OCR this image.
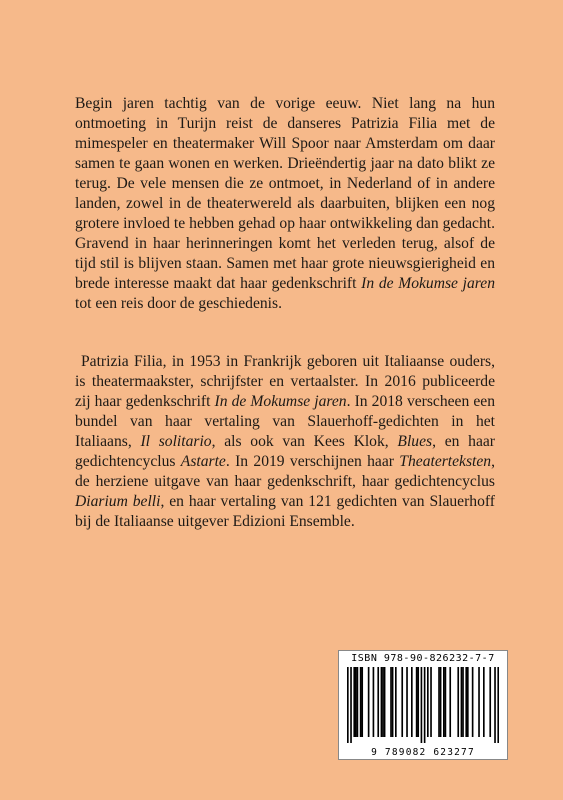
Begin jaren tachtig van de vorige eeuw. Niet lang na hun ontmoeting in Turijn reist de danseres Patrizia Filia met de mimespeler en theatermaker Will Spoor naar Amsterdam om daar samen te gaan wonen en werken. Drieëndertig jaar na dato blikt ze terug. De vele mensen die ze ontmoet, in Nederland of in andere landen, zowel in de theaterwereld als daarbuiten, blijken een nog grotere invloed te hebben gehad op haar ontwikkeling dan gedacht. Gravend in haar herinneringen komt het verleden terug, alsof de tijd stil is blijven staan. Samen met haar grote nieuwsgierigheid en brede interesse maakt dat haar gedenkschrift In de Mokumse jaren tot een reis door de geschiedenis.

Patrizia Filia, in 1953 in Frankrijk geboren uit Italiaanse ouders, is theatermaakster, schrijfster en vertaalster. In 2016 publiceerde zij haar gedenkschrift In de Mokumse jaren. In 2018 verscheen een bundel van haar vertaling van Slauerhoff-gedichten in het Italiaans, Il solitario, als ook van Kees Klok, Blues, en haar gedichtencyclus Astarte. In 2019 verschijnen haar Theaterteksten, de herziene uitgave van haar gedenkschrift, haar gedichtencyclus Diarium belli, en haar vertaling van 121 gedichten van Slauerhoff bij de Italiaanse uitgever Edizioni Ensemble.

ISBN 978-90-826232-7-7
9 789082 623277
